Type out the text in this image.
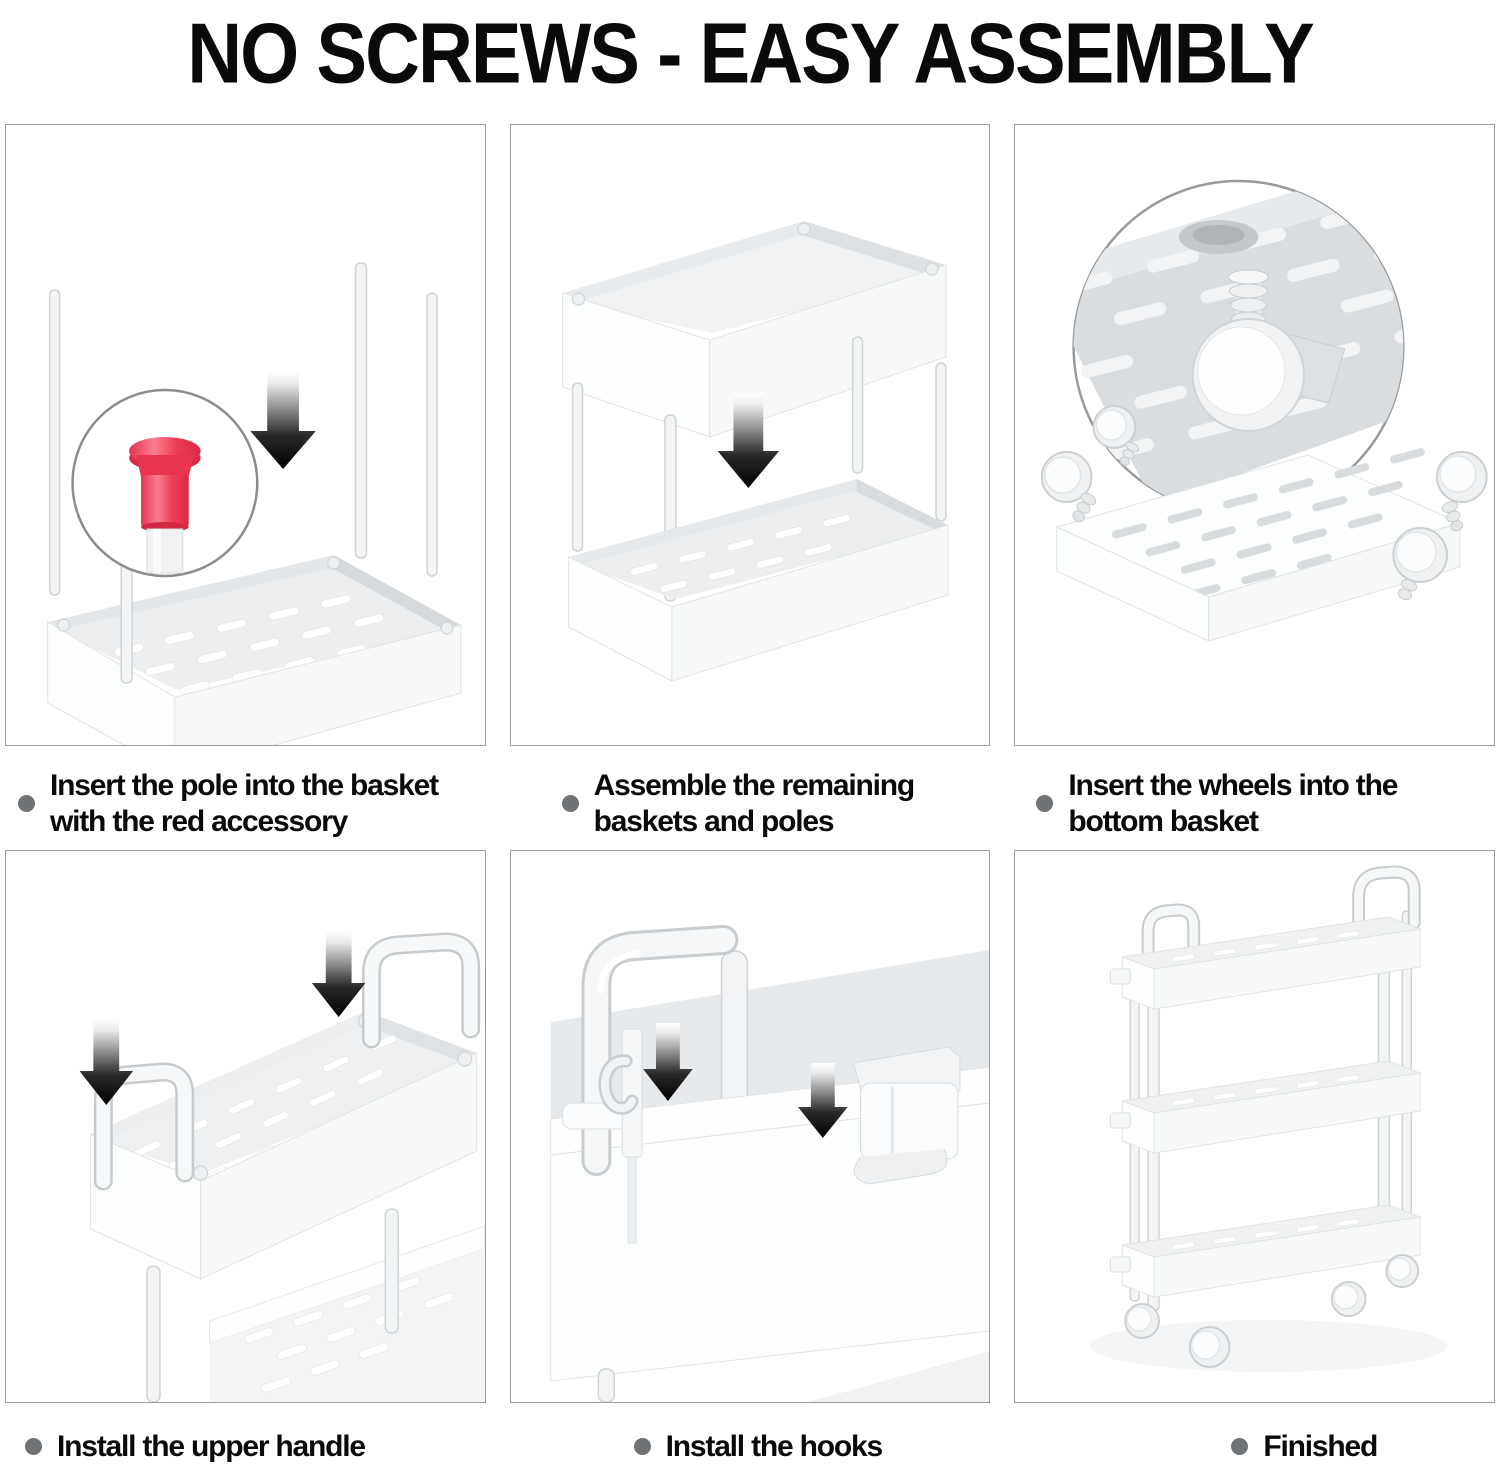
NO SCREWS - EASY ASSEMBLY
Insert the pole into the basket
with the red accessory
Assemble the remaining
baskets and poles
Insert the wheels into the
bottom basket
Install the upper handle	Install the hooks	Finished
